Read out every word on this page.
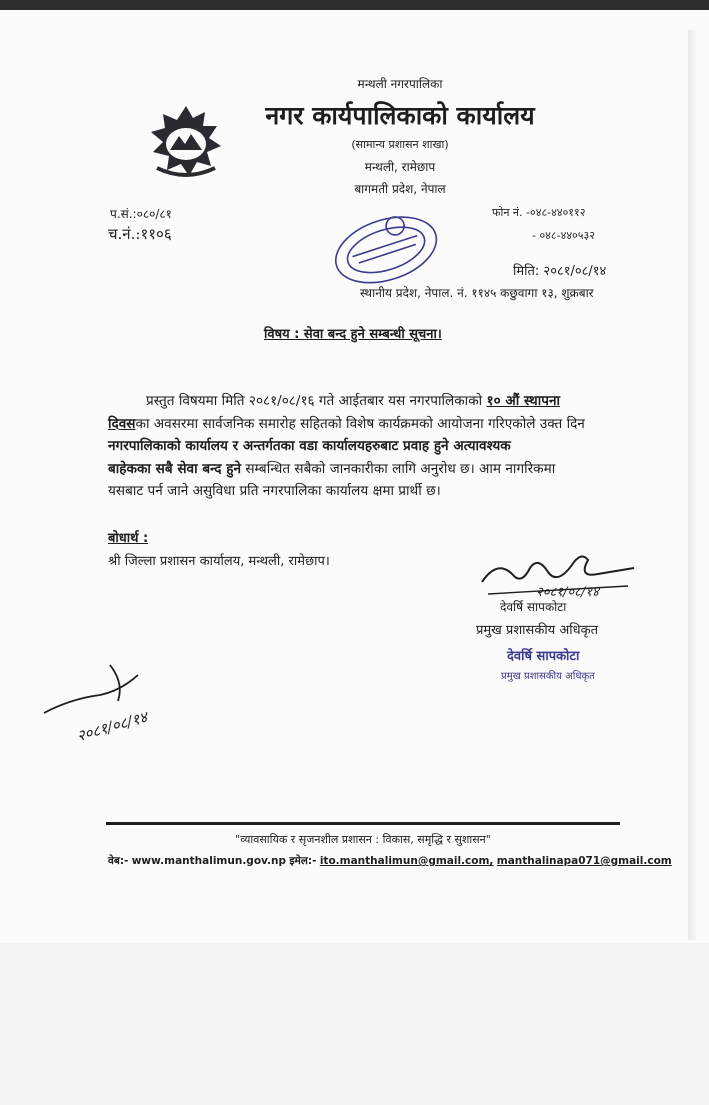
मन्थली नगरपालिका
नगर कार्यपालिकाको कार्यालय
(सामान्य प्रशासन शाखा)
मन्थली, रामेछाप
बागमती प्रदेश, नेपाल
प.सं.:०८०/८१
च.नं.:११०६
फोन नं. -०४८-४४०११२
- ०४८-४४०५३२
मिति: २०८१/०८/१४
स्थानीय प्रदेश, नेपाल. नं. ११४५ कछुवागा १३, शुक्रबार
विषय : सेवा बन्द हुने सम्बन्धी सूचना।
प्रस्तुत विषयमा मिति २०८१/०८/१६ गते आईतबार यस नगरपालिकाको १० औं स्थापना
दिवसका अवसरमा सार्वजनिक समारोह सहितको विशेष कार्यक्रमको आयोजना गरिएकोले उक्त दिन
नगरपालिकाको कार्यालय र अन्तर्गतका वडा कार्यालयहरुबाट प्रवाह हुने अत्यावश्यक
बाहेकका सबै सेवा बन्द हुने सम्बन्धित सबैको जानकारीका लागि अनुरोध छ। आम नागरिकमा
यसबाट पर्न जाने असुविधा प्रति नगरपालिका कार्यालय क्षमा प्रार्थी छ।
बोधार्थ :
श्री जिल्ला प्रशासन कार्यालय, मन्थली, रामेछाप।
२०८१/०८/१४
देवर्षि सापकोटा
प्रमुख प्रशासकीय अधिकृत
देवर्षि सापकोटा
प्रमुख प्रशासकीय अधिकृत
२०८१/०८/१४
"व्यावसायिक र सृजनशील प्रशासन : विकास, समृद्धि र सुशासन"
वेब:- www.manthalimun.gov.np इमेल:- ito.manthalimun@gmail.com, manthalinapa071@gmail.com
